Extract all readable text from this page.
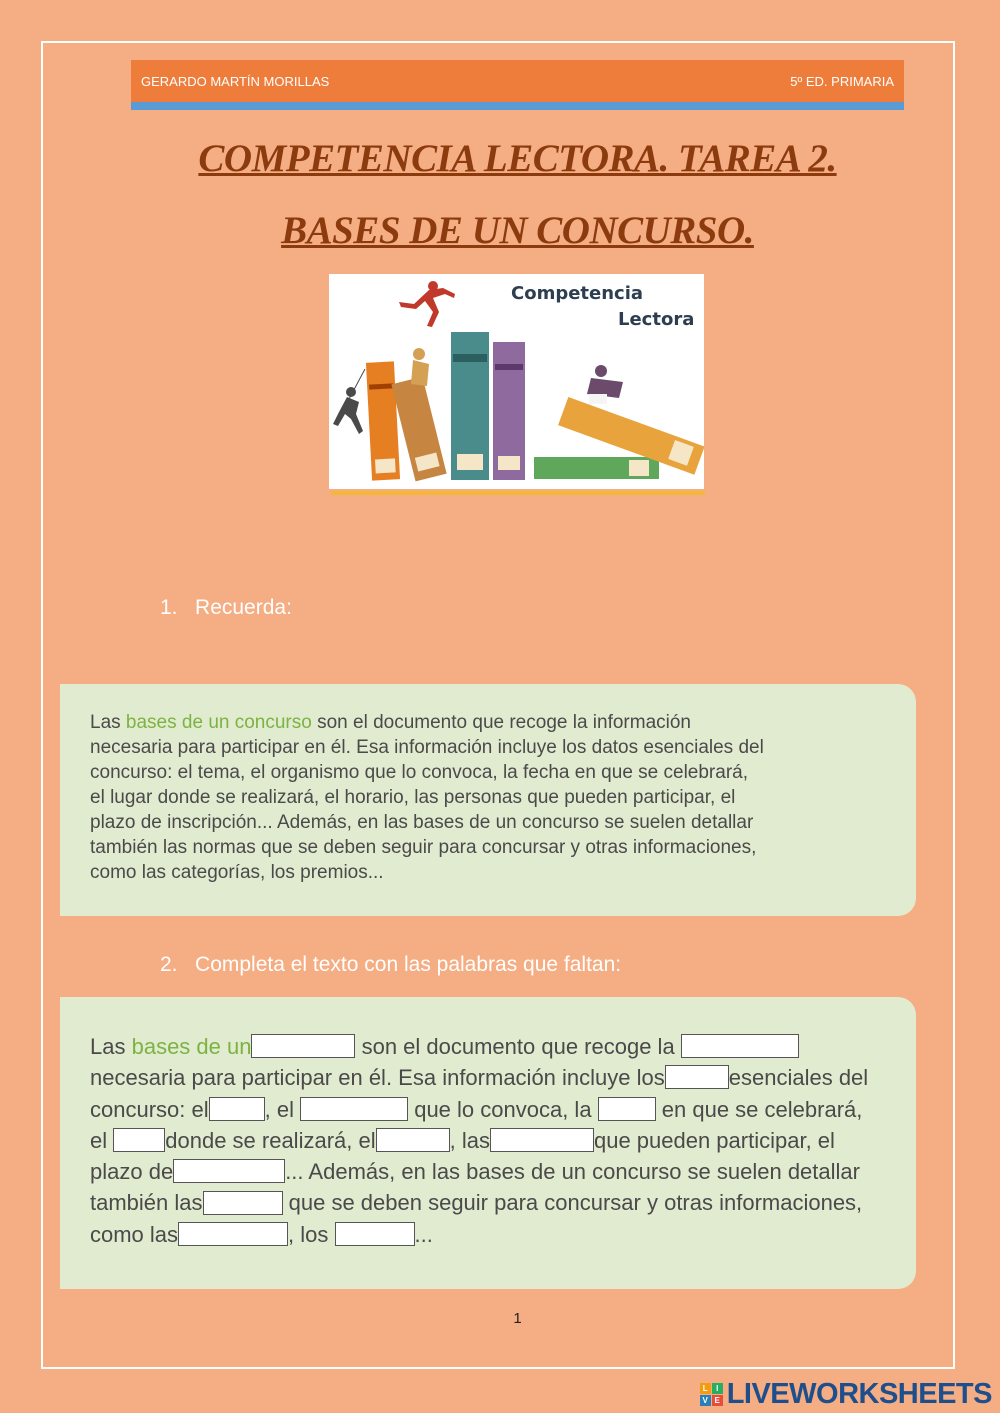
GERARDO MARTÍN MORILLAS	5º ED. PRIMARIA
COMPETENCIA LECTORA. TAREA 2.
BASES DE UN CONCURSO.
Competencia
Lectora
1. Recuerda:
Las bases de un concurso son el documento que recoge la información
necesaria para participar en él. Esa información incluye los datos esenciales del
concurso: el tema, el organismo que lo convoca, la fecha en que se celebrará,
el lugar donde se realizará, el horario, las personas que pueden participar, el
plazo de inscripción... Además, en las bases de un concurso se suelen detallar
también las normas que se deben seguir para concursar y otras informaciones,
como las categorías, los premios...
2. Completa el texto con las palabras que faltan:
Las bases de un	son el documento que recoge la
necesaria para participar en él. Esa información incluye los	esenciales del
concurso: el	, el	que lo convoca, la	en que se celebrará,
el donde se realizará, el	, las	que pueden participar, el
plazo de	... Además, en las bases de un concurso se suelen detallar
también las	que se deben seguir para concursar y otras informaciones,
como las	, los	...
1
L	I
V E LIVEWORKSHEETS
